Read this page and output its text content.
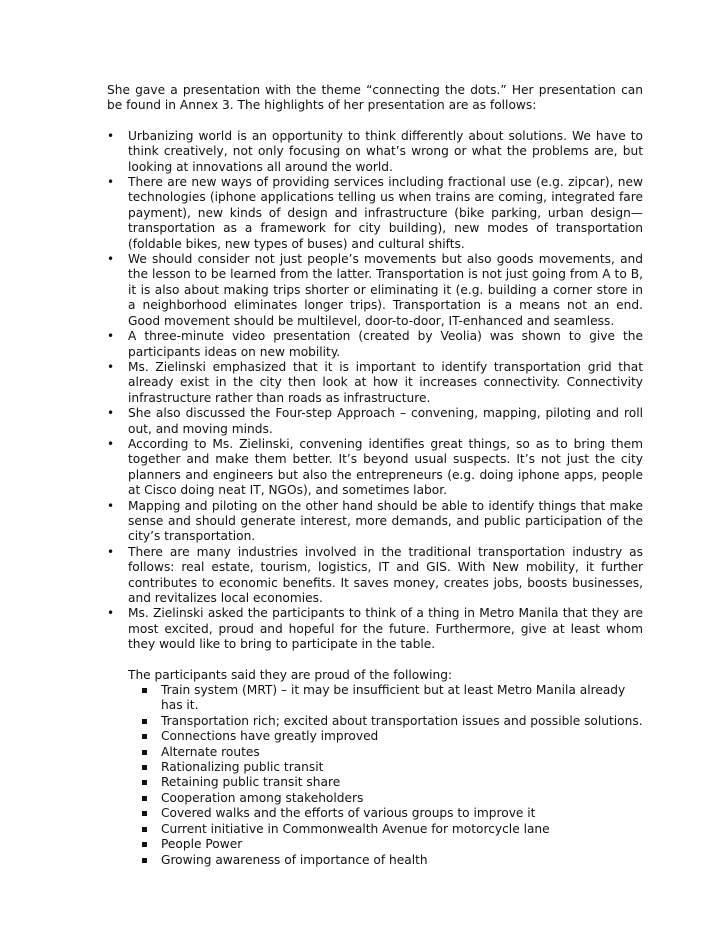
She gave a presentation with the theme “connecting the dots.” Her presentation can be found in Annex 3. The highlights of her presentation are as follows:

•	Urbanizing world is an opportunity to think differently about solutions. We have to think creatively, not only focusing on what’s wrong or what the problems are, but looking at innovations all around the world.
•	There are new ways of providing services including fractional use (e.g. zipcar), new technologies (iphone applications telling us when trains are coming, integrated fare payment), new kinds of design and infrastructure (bike parking, urban design—transportation as a framework for city building), new modes of transportation (foldable bikes, new types of buses) and cultural shifts.
•	We should consider not just people’s movements but also goods movements, and the lesson to be learned from the latter. Transportation is not just going from A to B, it is also about making trips shorter or eliminating it (e.g. building a corner store in a neighborhood eliminates longer trips). Transportation is a means not an end. Good movement should be multilevel, door-to-door, IT-enhanced and seamless.
•	A three-minute video presentation (created by Veolia) was shown to give the participants ideas on new mobility.
•	Ms. Zielinski emphasized that it is important to identify transportation grid that already exist in the city then look at how it increases connectivity. Connectivity infrastructure rather than roads as infrastructure.
•	She also discussed the Four-step Approach – convening, mapping, piloting and roll out, and moving minds.
•	According to Ms. Zielinski, convening identifies great things, so as to bring them together and make them better. It’s beyond usual suspects. It’s not just the city planners and engineers but also the entrepreneurs (e.g. doing iphone apps, people at Cisco doing neat IT, NGOs), and sometimes labor.
•	Mapping and piloting on the other hand should be able to identify things that make sense and should generate interest, more demands, and public participation of the city’s transportation.
•	There are many industries involved in the traditional transportation industry as follows: real estate, tourism, logistics, IT and GIS. With New mobility, it further contributes to economic benefits. It saves money, creates jobs, boosts businesses, and revitalizes local economies.
•	Ms. Zielinski asked the participants to think of a thing in Metro Manila that they are most excited, proud and hopeful for the future. Furthermore, give at least whom they would like to bring to participate in the table.

The participants said they are proud of the following:

Train system (MRT) – it may be insufficient but at least Metro Manila already has it.
Transportation rich; excited about transportation issues and possible solutions.
Connections have greatly improved
Alternate routes
Rationalizing public transit
Retaining public transit share
Cooperation among stakeholders
Covered walks and the efforts of various groups to improve it
Current initiative in Commonwealth Avenue for motorcycle lane
People Power
Growing awareness of importance of health
